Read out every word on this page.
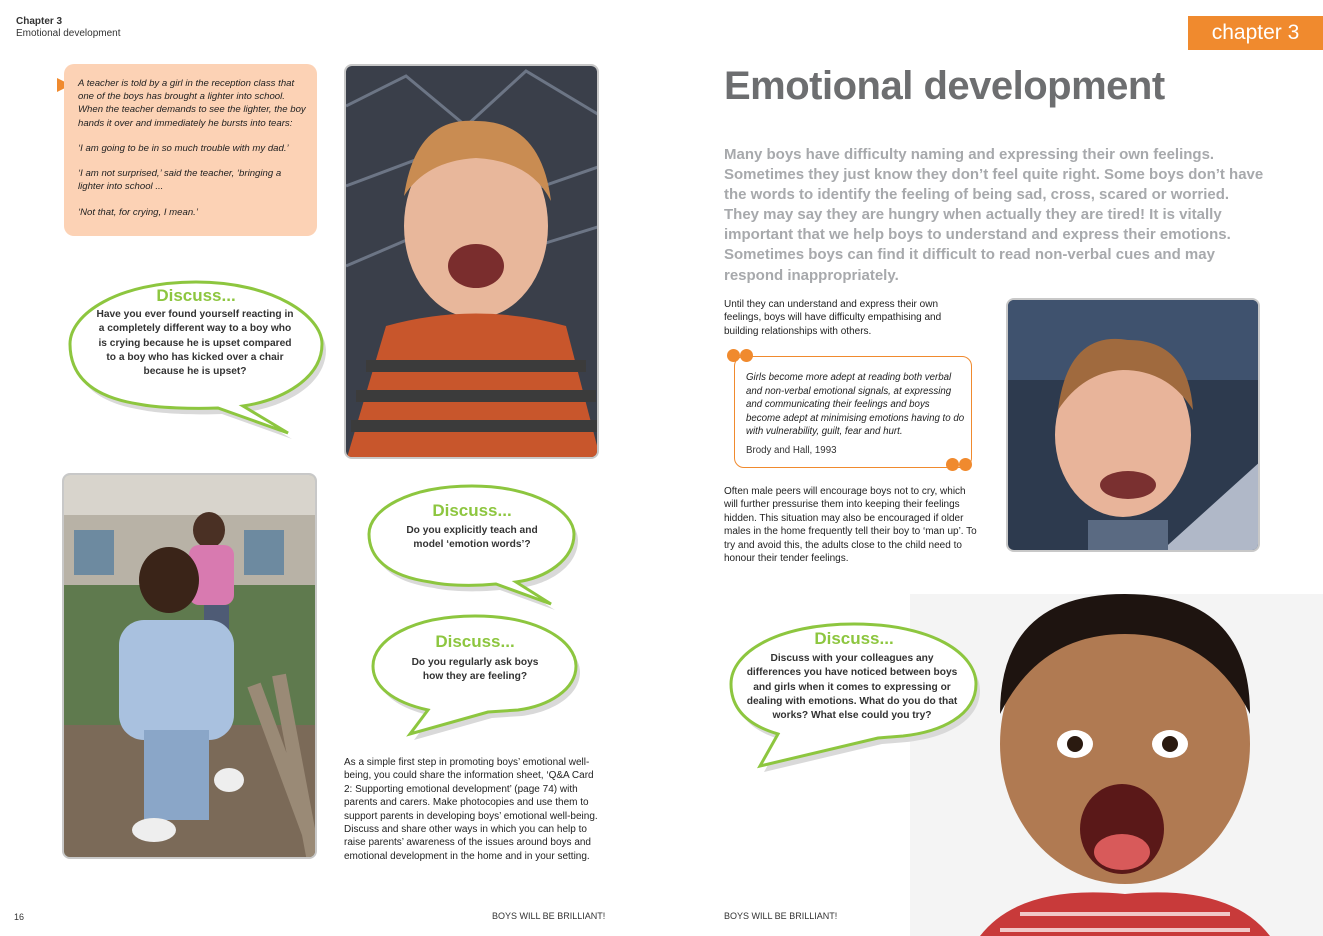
Chapter 3
Emotional development	chapter 3

A teacher is told by a girl in the reception class that one of the boys has brought a lighter into school. When the teacher demands to see the lighter, the boy hands it over and immediately he bursts into tears:

‘I am going to be in so much trouble with my dad.’

‘I am not surprised,’ said the teacher, ‘bringing a lighter into school ...

‘Not that, for crying, I mean.’

Discuss...
Have you ever found yourself reacting in a completely different way to a boy who is crying because he is upset compared to a boy who has kicked over a chair because he is upset?
Discuss...
Do you explicitly teach and model ‘emotion words’?
Discuss...
Do you regularly ask boys how they are feeling?
As a simple first step in promoting boys’ emotional well-being, you could share the information sheet, ‘Q&A Card 2: Supporting emotional development’ (page 74) with parents and carers. Make photocopies and use them to support parents in developing boys’ emotional well-being. Discuss and share other ways in which you can help to raise parents’ awareness of the issues around boys and emotional development in the home and in your setting.
Emotional development
Many boys have difficulty naming and expressing their own feelings. Sometimes they just know they don’t feel quite right. Some boys don’t have the words to identify the feeling of being sad, cross, scared or worried. They may say they are hungry when actually they are tired! It is vitally important that we help boys to understand and express their emotions. Sometimes boys can find it difficult to read non-verbal cues and may respond inappropriately.
Until they can understand and express their own feelings, boys will have difficulty empathising and building relationships with others.
Girls become more adept at reading both verbal and non-verbal emotional signals, at expressing and communicating their feelings and boys become adept at minimising emotions having to do with vulnerability, guilt, fear and hurt.
Brody and Hall, 1993
Often male peers will encourage boys not to cry, which will further pressurise them into keeping their feelings hidden. This situation may also be encouraged if older males in the home frequently tell their boy to ‘man up’. To try and avoid this, the adults close to the child need to honour their tender feelings.
Discuss...
Discuss with your colleagues any differences you have noticed between boys and girls when it comes to expressing or dealing with emotions. What do you do that works? What else could you try?
16	BOYS WILL BE BRILLIANT!	BOYS WILL BE BRILLIANT!
